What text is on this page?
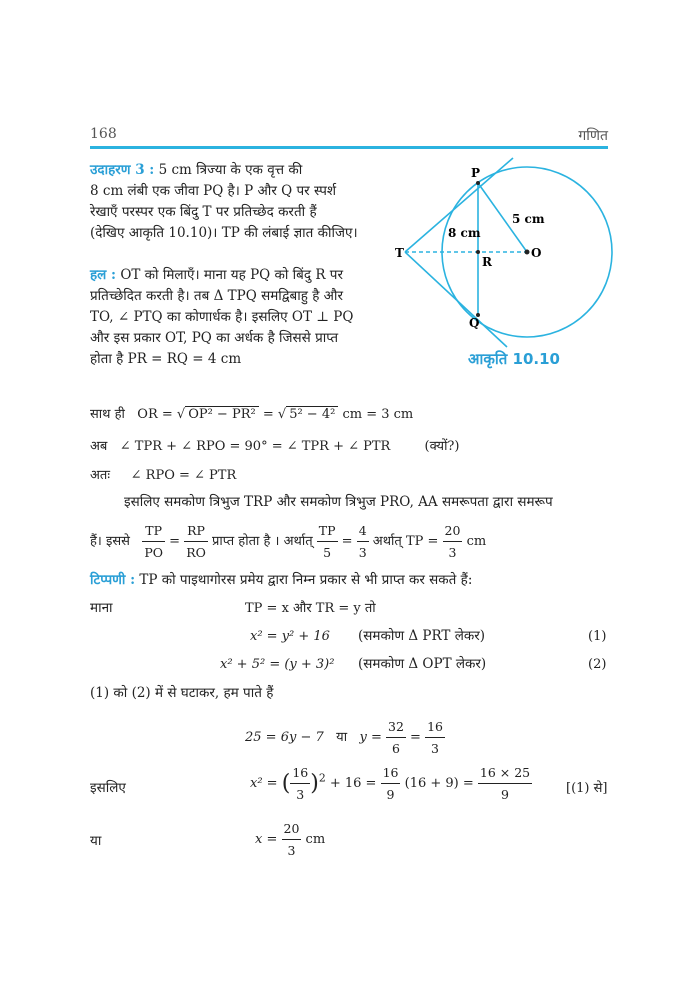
168	गणित
उदाहरण 3 : 5 cm त्रिज्या के एक वृत्त की
8 cm लंबी एक जीवा PQ है। P और Q पर स्पर्श
रेखाएँ परस्पर एक बिंदु T पर प्रतिच्छेद करती हैं
(देखिए आकृति 10.10)। TP की लंबाई ज्ञात कीजिए।
हल : OT को मिलाएँ। माना यह PQ को बिंदु R पर
प्रतिच्छेदित करती है। तब Δ TPQ समद्विबाहु है और
TO, ∠ PTQ का कोणार्धक है। इसलिए OT ⊥ PQ
और इस प्रकार OT, PQ का अर्धक है जिससे प्राप्त
होता है PR = RQ = 4 cm
P
Q
T	O
R
5 cm
8 cm
आकृति 10.10
साथ ही OR = √ OP² − PR² = √ 5² − 4² cm = 3 cm
अब ∠ TPR + ∠ RPO = 90° = ∠ TPR + ∠ PTR	(क्यों?)
अतः ∠ RPO = ∠ PTR
इसलिए समकोण त्रिभुज TRP और समकोण त्रिभुज PRO, AA समरूपता द्वारा समरूप
हैं। इससे $\frac{TP}{PO} = \frac{RP}{RO}$ प्राप्त होता है । अर्थात् $\frac{TP}{5} = \frac{4}{3}$ अर्थात् TP = $\frac{20}{3}$ cm
टिप्पणी : TP को पाइथागोरस प्रमेय द्वारा निम्न प्रकार से भी प्राप्त कर सकते हैं:
माना	TP = x और TR = y तो
x² = y² + 16 (समकोण Δ PRT लेकर)	(1)
x² + 5² = (y + 3)² (समकोण Δ OPT लेकर)	(2)
(1) को (2) में से घटाकर, हम पाते हैं
25 = 6y − 7 या $y = \frac{32}{6} = \frac{16}{3}$
इसलिए	x² = ( $\frac{16}{3} )^2 + 16 = \frac{16}{9} (16 + 9) = \frac{16 \times 25}{9}$	[(1) से]
या	$x = \frac{20}{3}$ cm
